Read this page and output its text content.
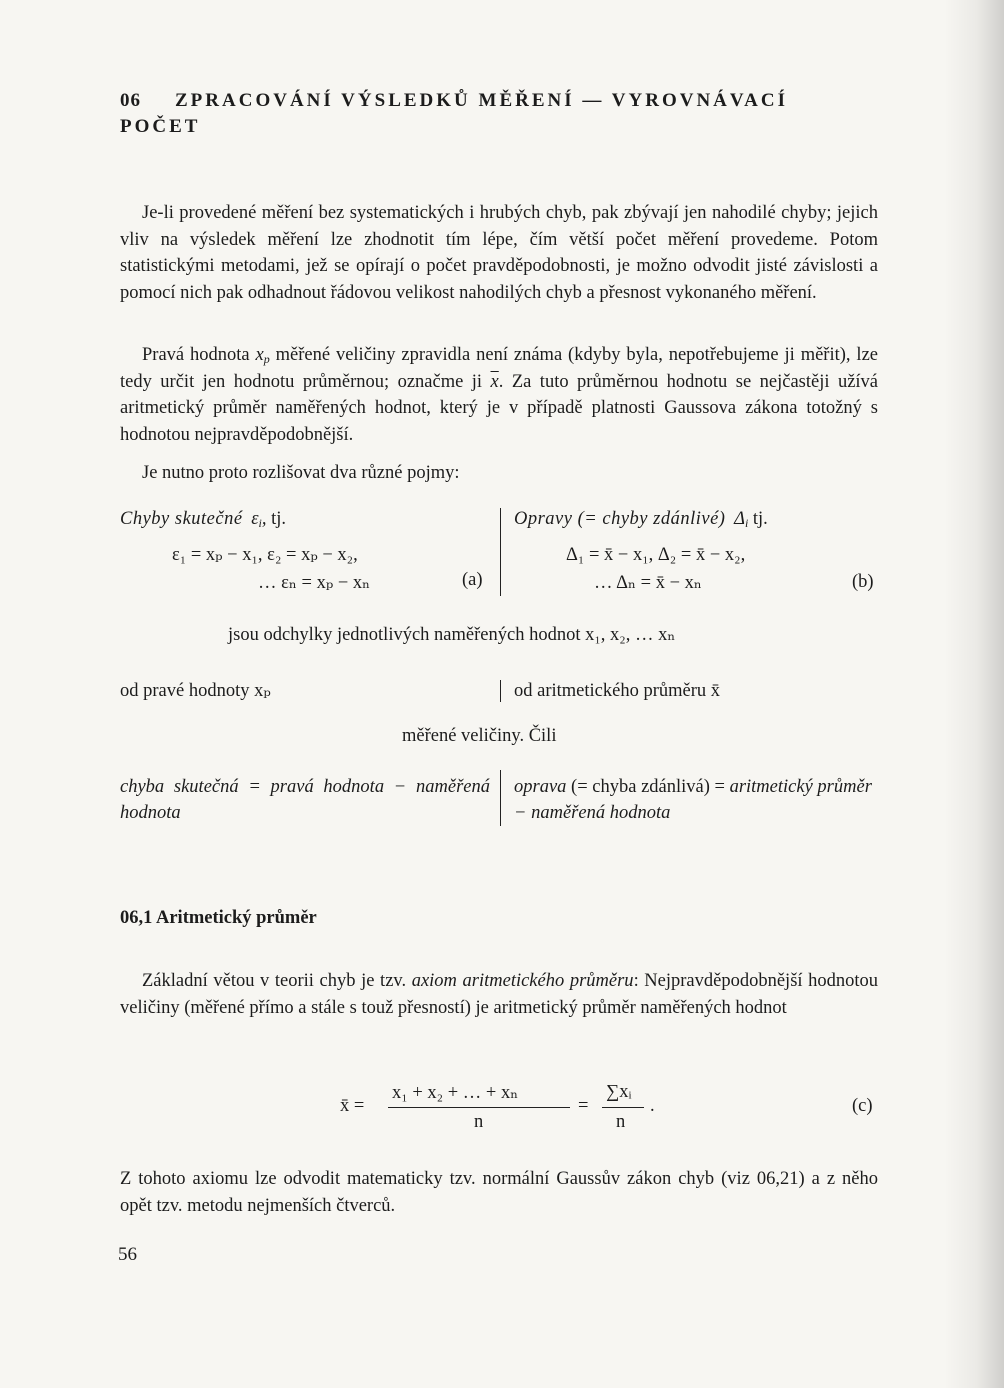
06 ZPRACOVÁNÍ VÝSLEDKŮ MĚŘENÍ — VYROVNÁVACÍ POČET

Je-li provedené měření bez systematických i hrubých chyb, pak zbývají jen nahodilé chyby; jejich vliv na výsledek měření lze zhodnotit tím lépe, čím větší počet měření provedeme. Potom statistickými metodami, jež se opírají o počet pravděpodobnosti, je možno odvodit jisté závislosti a pomocí nich pak odhadnout řádovou velikost nahodilých chyb a přesnost vykonaného měření.

Pravá hodnota $x_p$ měřené veličiny zpravidla není známa (kdyby byla, nepotřebujeme ji měřit), lze tedy určit jen hodnotu průměrnou; označme ji $\overline{x}$. Za tuto průměrnou hodnotu se nejčastěji užívá aritmetický průměr naměřených hodnot, který je v případě platnosti Gaussova zákona totožný s hodnotou nejpravděpodobnější.

Je nutno proto rozlišovat dva různé pojmy:

Chyby skutečné $\varepsilon_i$, tj.
ε₁ = xₚ − x₁, ε₂ = xₚ − x₂,
… εₙ = xₚ − xₙ	(a)
Opravy (= chyby zdánlivé) $\Delta_i$ tj.
Δ₁ = x̄ − x₁, Δ₂ = x̄ − x₂,
… Δₙ = x̄ − xₙ	(b)
jsou odchylky jednotlivých naměřených hodnot x₁, x₂, … xₙ
od pravé hodnoty xₚ	od aritmetického průměru x̄
měřené veličiny. Čili
chyba skutečná = pravá hodnota − naměřená hodnota
oprava (= chyba zdánlivá) = aritmetický průměr − naměřená hodnota
06,1 Aritmetický průměr

Základní větou v teorii chyb je tzv. axiom aritmetického průměru: Nejpravděpodobnější hodnotou veličiny (měřené přímo a stále s touž přesností) je aritmetický průměr naměřených hodnot

x̄ =
x₁ + x₂ + … + xₙ
n
=
∑xᵢ
n
.	(c)

Z tohoto axiomu lze odvodit matematicky tzv. normální Gaussův zákon chyb (viz 06,21) a z něho opět tzv. metodu nejmenších čtverců.

56
